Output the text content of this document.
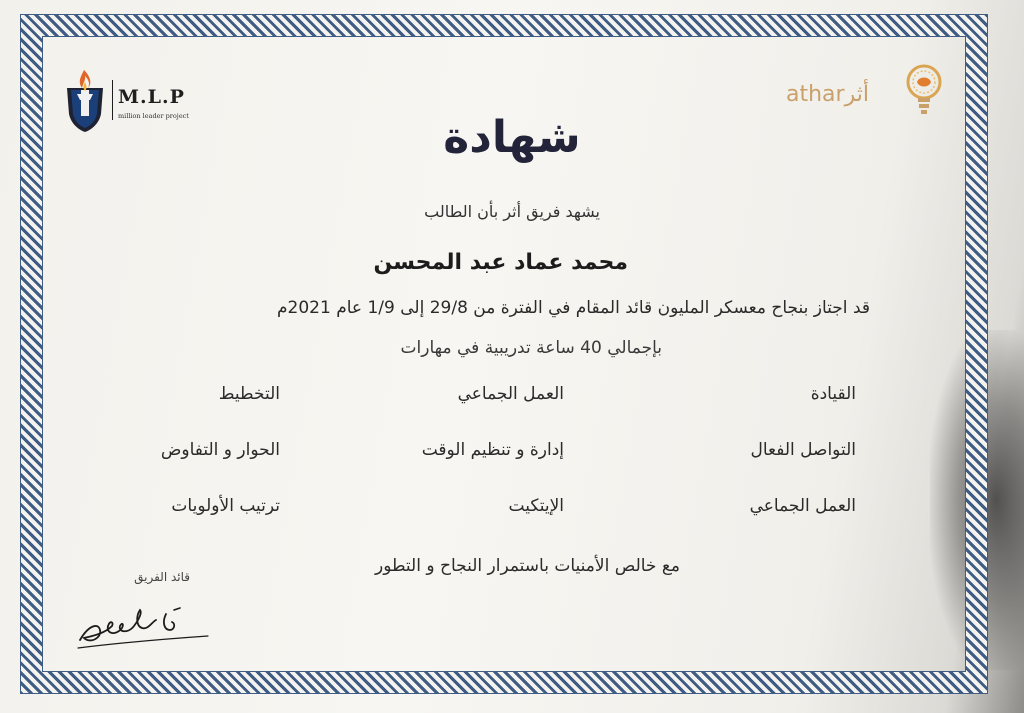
M.L.P
million leader project
atharأثر
شهادة
يشهد فريق أثر بأن الطالب
محمد عماد عبد المحسن
قد اجتاز بنجاح معسكر المليون قائد المقام في الفترة من 29/8 إلى 1/9 عام 2021م
بإجمالي 40 ساعة تدريبية في مهارات
القيادة
العمل الجماعي
التخطيط
التواصل الفعال
إدارة و تنظيم الوقت
الحوار و التفاوض
العمل الجماعي
الإيتكيت
ترتيب الأولويات
مع خالص الأمنيات باستمرار النجاح و التطور
قائد الفريق
